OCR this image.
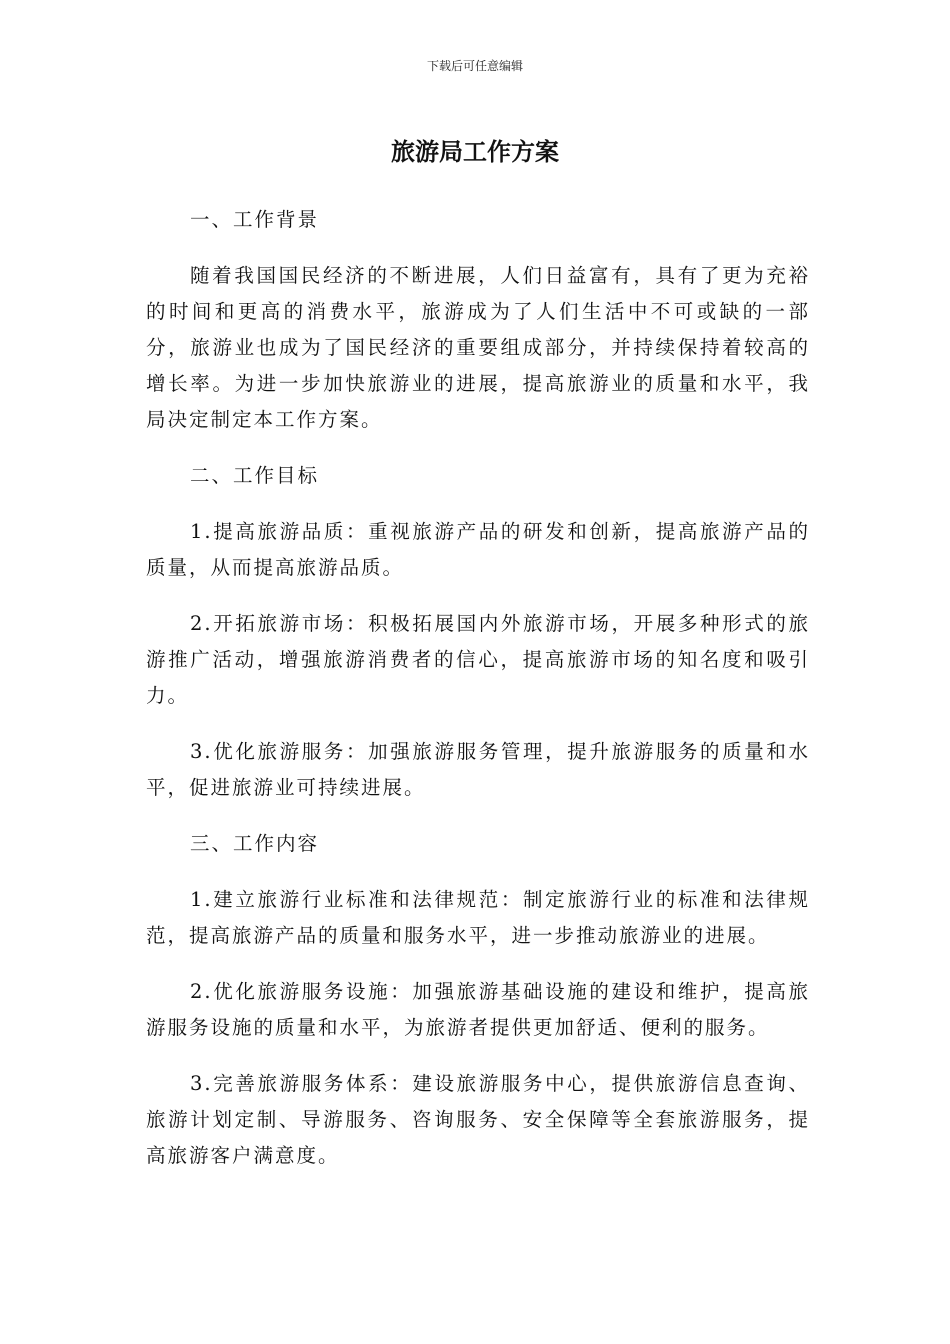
下载后可任意编辑
旅游局工作方案

一、工作背景

随着我国国民经济的不断进展，人们日益富有，具有了更为充裕的时间和更高的消费水平，旅游成为了人们生活中不可或缺的一部分，旅游业也成为了国民经济的重要组成部分，并持续保持着较高的增长率。为进一步加快旅游业的进展，提高旅游业的质量和水平，我局决定制定本工作方案。

二、工作目标

1.提高旅游品质：重视旅游产品的研发和创新，提高旅游产品的质量，从而提高旅游品质。

2.开拓旅游市场：积极拓展国内外旅游市场，开展多种形式的旅游推广活动，增强旅游消费者的信心，提高旅游市场的知名度和吸引力。

3.优化旅游服务：加强旅游服务管理，提升旅游服务的质量和水平，促进旅游业可持续进展。

三、工作内容

1.建立旅游行业标准和法律规范：制定旅游行业的标准和法律规范，提高旅游产品的质量和服务水平，进一步推动旅游业的进展。

2.优化旅游服务设施：加强旅游基础设施的建设和维护，提高旅游服务设施的质量和水平，为旅游者提供更加舒适、便利的服务。

3.完善旅游服务体系：建设旅游服务中心，提供旅游信息查询、旅游计划定制、导游服务、咨询服务、安全保障等全套旅游服务，提高旅游客户满意度。
